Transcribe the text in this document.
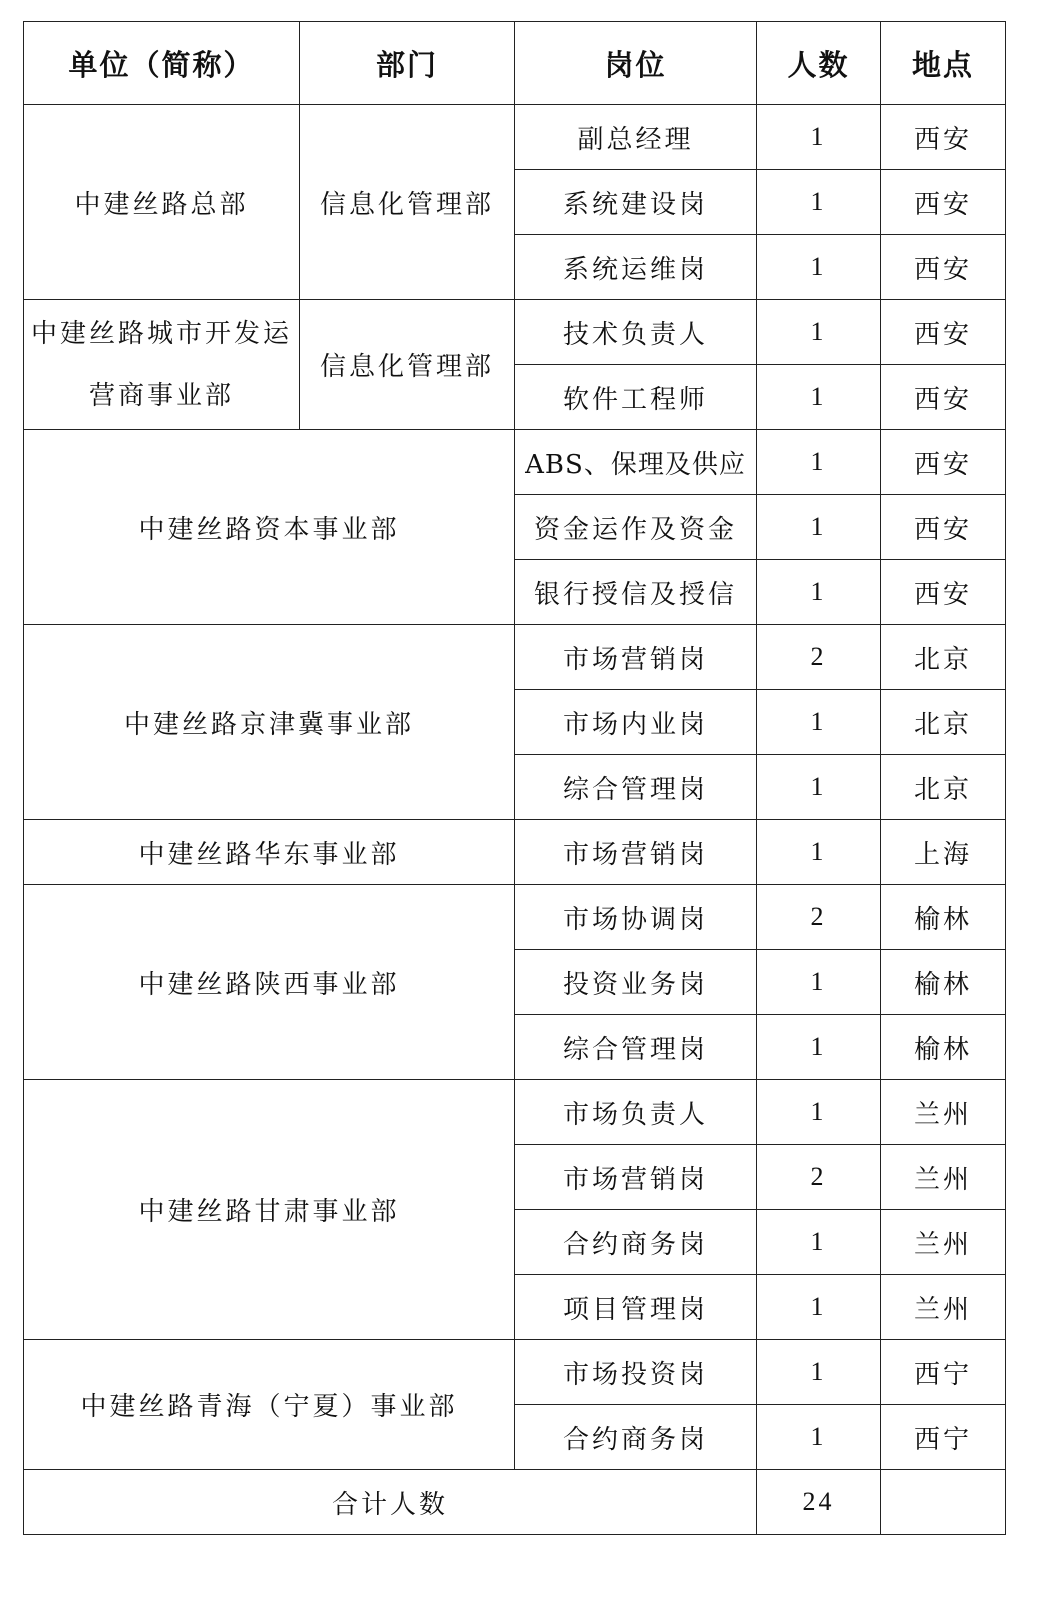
单位（简称）	部门	岗位	人数	地点
中建丝路总部	信息化管理部	副总经理	1	西安
		系统建设岗	1	西安
		系统运维岗	1	西安

中建丝路城市开发运
营商事业部	信息化管理部	技术负责人	1	西安
		软件工程师	1	西安
中建丝路资本事业部		ABS、保理及供应	1	西安
		资金运作及资金	1	西安
		银行授信及授信	1	西安
中建丝路京津冀事业部		市场营销岗	2	北京
		市场内业岗	1	北京
		综合管理岗	1	北京
中建丝路华东事业部		市场营销岗	1	上海
中建丝路陕西事业部		市场协调岗	2	榆林
		投资业务岗	1	榆林
		综合管理岗	1	榆林
中建丝路甘肃事业部		市场负责人	1	兰州
		市场营销岗	2	兰州
		合约商务岗	1	兰州
		项目管理岗	1	兰州
中建丝路青海（宁夏）事业部		市场投资岗	1	西宁
		合约商务岗	1	西宁
合计人数			24	
